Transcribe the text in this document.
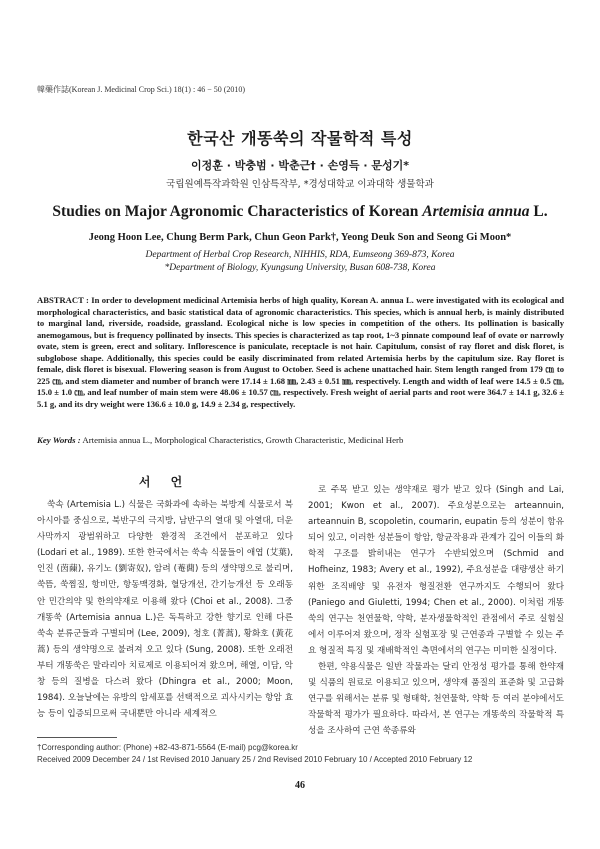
韓藥作誌(Korean J. Medicinal Crop Sci.) 18(1) : 46 − 50 (2010)
한국산 개똥쑥의 작물학적 특성
이정훈 · 박충범 · 박춘근† · 손영득 · 문성기*
국립원예특작과학원 인삼특작부, *경성대학교 이과대학 생물학과
Studies on Major Agronomic Characteristics of Korean Artemisia annua L.
Jeong Hoon Lee, Chung Berm Park, Chun Geon Park†, Yeong Deuk Son and Seong Gi Moon*
Department of Herbal Crop Research, NIHHIS, RDA, Eumseong 369-873, Korea
*Department of Biology, Kyungsung University, Busan 608-738, Korea
ABSTRACT : In order to development medicinal Artemisia herbs of high quality, Korean A. annua L. were investigated with its ecological and morphological characteristics, and basic statistical data of agronomic characteristics. This species, which is annual herb, is mainly distributed to marginal land, riverside, roadside, grassland. Ecological niche is low species in competition of the others. Its pollination is basically anemogamous, but is frequency pollinated by insects. This species is characterized as tap root, 1~3 pinnate compound leaf of ovate or narrowly ovate, stem is green, erect and solitary. Inflorescence is paniculate, receptacle is not hair. Capitulum, consist of ray floret and disk floret, is subglobose shape. Additionally, this species could be easily discriminated from related Artemisia herbs by the capitulum size. Ray floret is female, disk floret is bisexual. Flowering season is from August to October. Seed is achene unattached hair. Stem length ranged from 179 ㎝ to 225 ㎝, and stem diameter and number of branch were 17.14 ± 1.68 ㎜, 2.43 ± 0.51 ㎜, respectively. Length and width of leaf were 14.5 ± 0.5 ㎝, 15.0 ± 1.0 ㎝, and leaf number of main stem were 48.06 ± 10.57 ㎝, respectively. Fresh weight of aerial parts and root were 364.7 ± 14.1 g, 32.6 ± 5.1 g, and its dry weight were 136.6 ± 10.0 g, 14.9 ± 2.34 g, respectively.
Key Words : Artemisia annua L., Morphological Characteristics, Growth Characteristic, Medicinal Herb
서 언

쑥속 (Artemisia L.) 식물은 국화과에 속하는 북방계 식물로서 북아시아를 중심으로, 북반구의 극지방, 남반구의 열대 및 아열대, 더운 사막까지 광범위하고 다양한 환경적 조건에서 분포하고 있다 (Lodari et al., 1989). 또한 한국에서는 쑥속 식물들이 애엽 (艾葉), 인진 (茵蔯), 유기노 (劉寄奴), 암려 (菴䕡) 등의 생약명으로 불리며, 쑥뜸, 쑥찜질, 항비만, 항동맥경화, 혈당개선, 간기능개선 등 오래동안 민간의약 및 한의약재로 이용해 왔다 (Choi et al., 2008). 그중 개똥쑥 (Artemisia annua L.)은 독특하고 강한 향기로 인해 다른 쑥속 분류군들과 구별되며 (Lee, 2009), 청호 (菁蒿), 황화호 (黃花蒿) 등의 생약명으로 불려져 오고 있다 (Sung, 2008). 또한 오래전부터 개똥쑥은 말라리아 치료제로 이용되어져 왔으며, 해열, 이담, 악창 등의 질병을 다스려 왔다 (Dhingra et al., 2000; Moon, 1984). 오늘날에는 유방의 암세포를 선택적으로 괴사시키는 항암 효능 등이 입증되므로써 국내뿐만 아니라 세계적으

로 주목 받고 있는 생약재로 평가 받고 있다 (Singh and Lai, 2001; Kwon et al., 2007). 주요성분으로는 arteannuin, arteannuin B, scopoletin, coumarin, eupatin 등의 성분이 함유되어 있고, 이러한 성분들이 항암, 항균작용과 관계가 깊어 이들의 화학적 구조를 밝히내는 연구가 수반되었으며 (Schmid and Hofheinz, 1983; Avery et al., 1992), 주요성분을 대량생산 하기 위한 조직배양 및 유전자 형질전환 연구까지도 수행되어 왔다 (Paniego and Giuletti, 1994; Chen et al., 2000). 이처럼 개똥쑥의 연구는 천연물학, 약학, 분자생물학적인 관점에서 주로 실험실에서 이루어져 왔으며, 정작 실험포장 및 근연종과 구별할 수 있는 주요 형질적 특징 및 재배학적인 측면에서의 연구는 미미한 실정이다.

한편, 약용식물은 일반 작물과는 달리 안정성 평가를 통해 한약재 및 식품의 원료로 이용되고 있으며, 생약재 품질의 표준화 및 고급화 연구를 위해서는 분류 및 형태학, 천연물학, 약학 등 여러 분야에서도 작물학적 평가가 필요하다. 따라서, 본 연구는 개똥쑥의 작물학적 특성을 조사하여 근연 쑥종류와

†Corresponding author: (Phone) +82-43-871-5564 (E-mail) pcg@korea.kr
Received 2009 December 24 / 1st Revised 2010 January 25 / 2nd Revised 2010 February 10 / Accepted 2010 February 12
46
